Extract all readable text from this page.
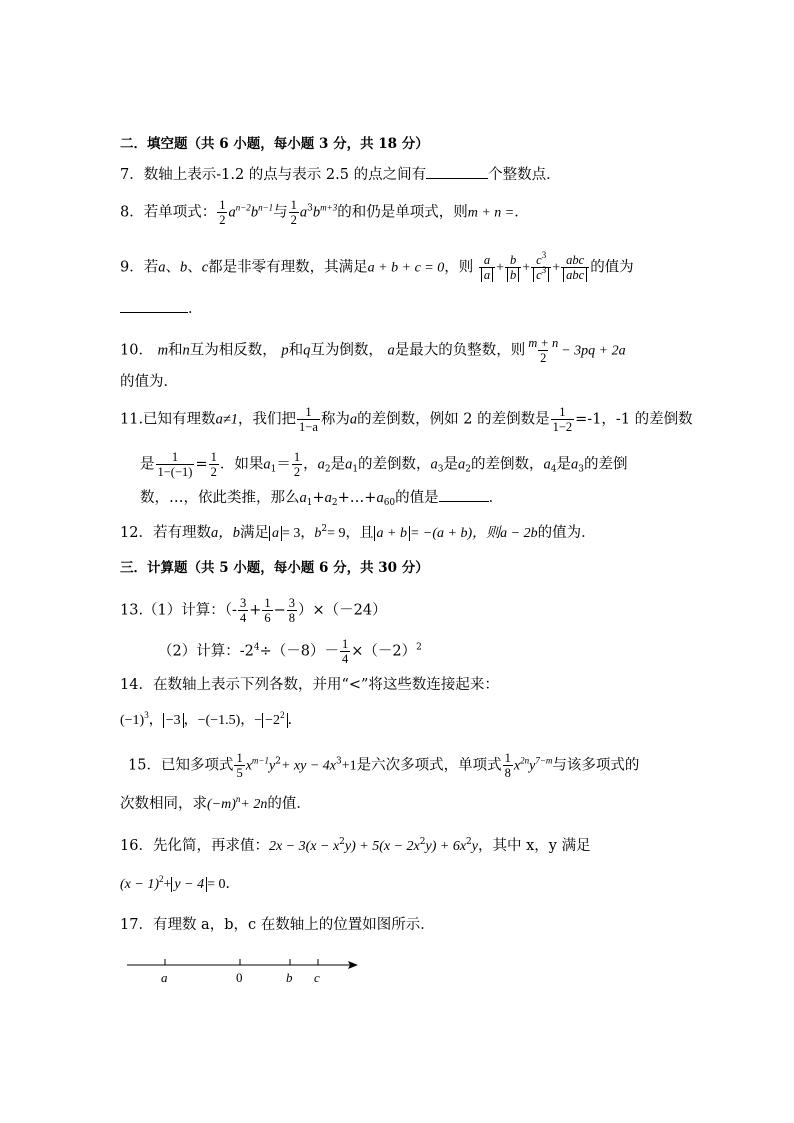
二．填空题（共 6 小题，每小题 3 分，共 18 分）
7．数轴上表示-1.2 的点与表示 2.5 的点之间有	个整数点．
8．若单项式： $\frac{1}{2} a^{n-2}b^{n-1}$与 $\frac{1}{2} a^3b^{m+3}$的和仍是单项式，则m + n =．
9．若a、b、c都是非零有理数，其满足a + b + c = 0，则 $\frac{a}{a} + \frac{b}{b} + \frac{c^3}{c^3} + \frac{\text{abc}}{\text{abc}}$ 的值为
．
10． m和n互为相反数， p和q互为倒数， a是最大的负整数，则 $\frac{m + n}{2} - 3pq + 2a$
的值为．
11.已知有理数a≠1，我们把 $\frac{1}{1-a}$ 称为a的差倒数，例如 2 的差倒数是 $\frac{1}{1-2} =-1$，-1 的差倒数
是 $\frac{1}{1-(-1)} = \frac{1}{2}$ ．如果$a_1= \frac{1}{2}$ ，$a_2$是$a_1$的差倒数，$a_3$是$a_2$的差倒数，$a_4$是$a_3$的差倒
数，…，依此类推，那么$a_1+a_2+\dots+a_{60}$的值是	．
12．若有理数a，b满足 a = 3，$b^2= 9$，且 a + b = −(a + b)，则a − 2b的值为．
三．计算题（共 5 小题，每小题 6 分，共 30 分）
13.（1）计算：（- $\frac{3}{4} + \frac{1}{6} - \frac{3}{8} )\times(-24)$
（2）计算：$-2^4\div(-8)- \frac{1}{4} \times(-2)^2$
14．在数轴上表示下列各数，并用“<”将这些数连接起来：
$(-1)^3$， −3 ，−(−1.5)，− $-2^2$ ．
15．已知多项式 $\frac{1}{5} x^{m-1}y^2+$ xy − $4x^3+1$是六次多项式，单项式 $\frac{1}{8} x^{2n}y^{7-m}$与该多项式的
次数相同，求$(-m)^n+ 2n$的值．
16．先化简，再求值：$2x - 3(x - x^2y) + 5(x - 2x^2y) + 6x^2y$，其中 x，y 满足
$(x - 1)^2+ y - 4 = 0$．
17．有理数 a，b，c 在数轴上的位置如图所示．
a	0	b c
